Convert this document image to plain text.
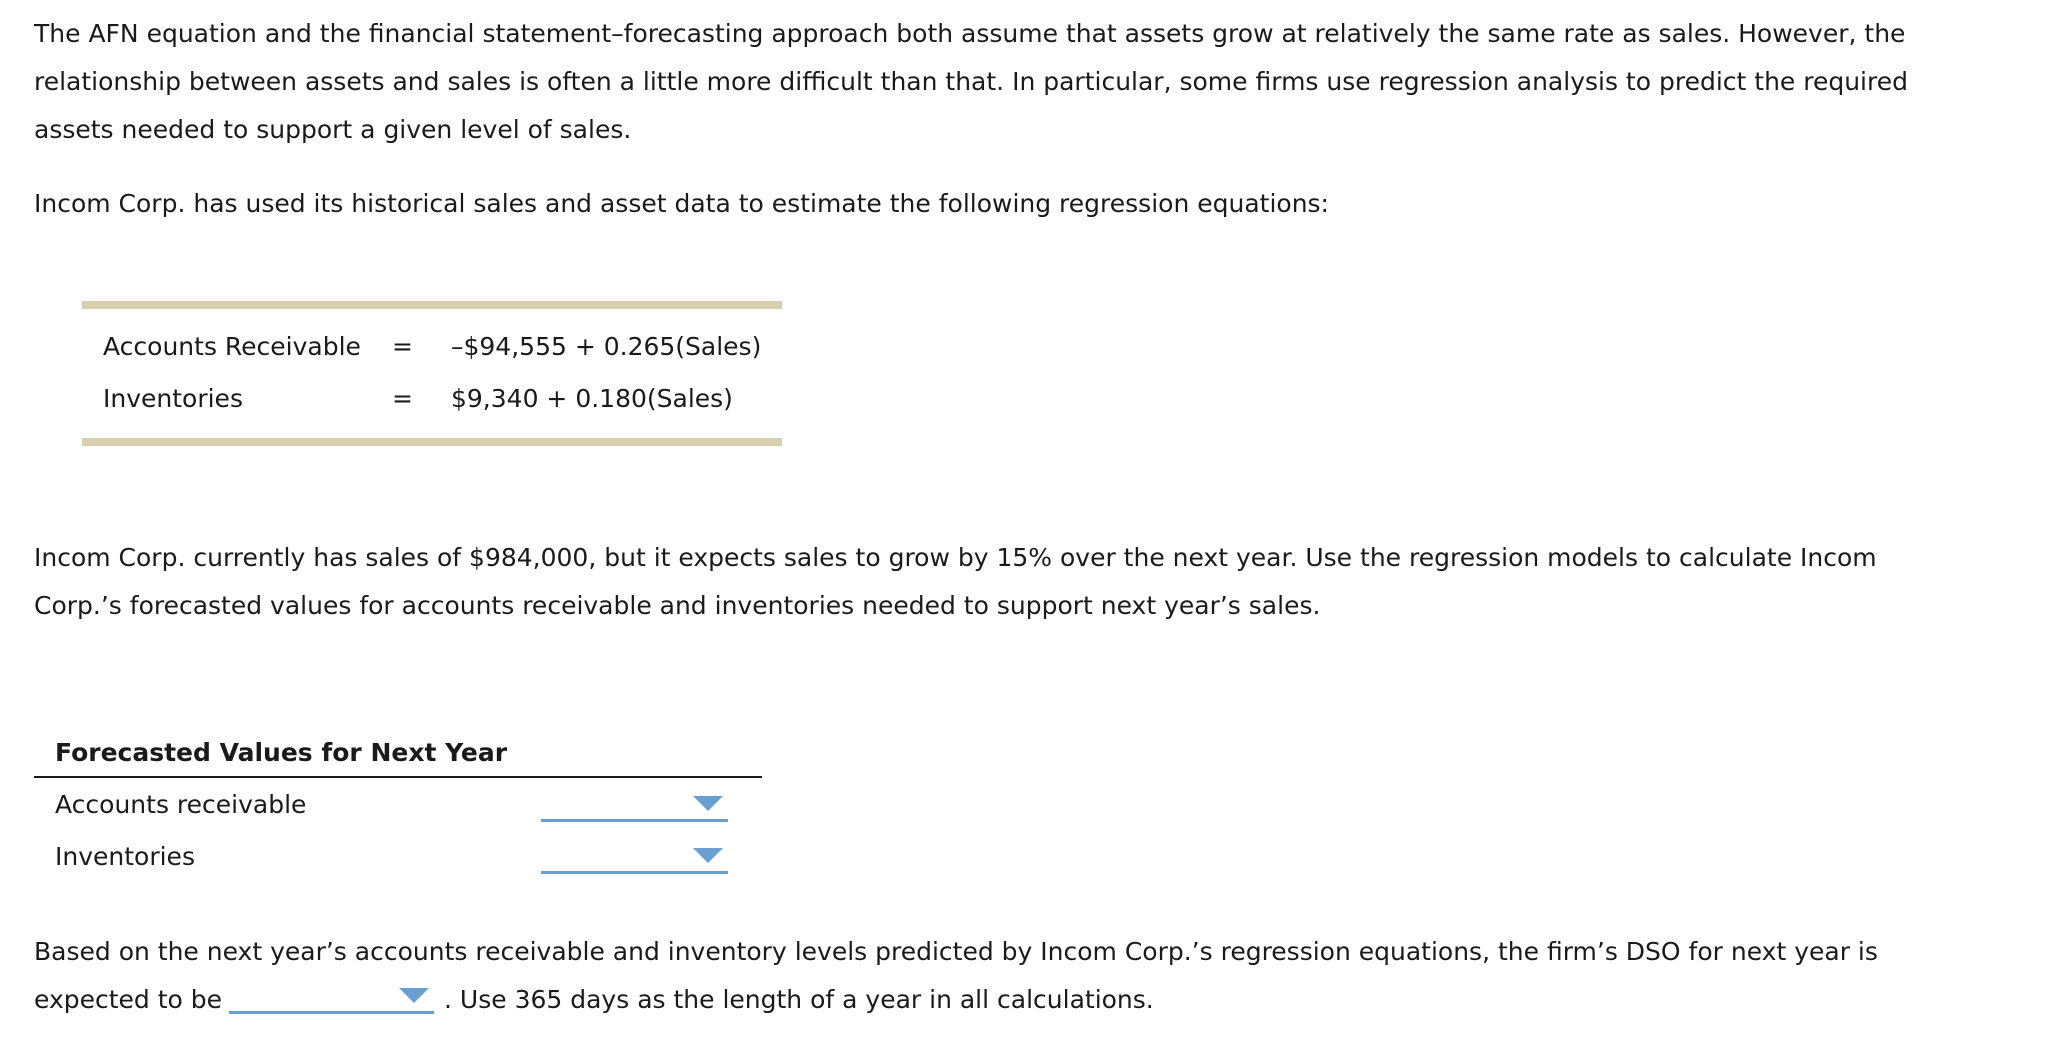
The AFN equation and the financial statement–forecasting approach both assume that assets grow at relatively the same rate as sales. However, the relationship between assets and sales is often a little more difficult than that. In particular, some firms use regression analysis to predict the required assets needed to support a given level of sales.

Incom Corp. has used its historical sales and asset data to estimate the following regression equations:

Accounts Receivable = –$94,555 + 0.265(Sales)
Inventories	= $9,340 + 0.180(Sales)

Incom Corp. currently has sales of $984,000, but it expects sales to grow by 15% over the next year. Use the regression models to calculate Incom Corp.’s forecasted values for accounts receivable and inventories needed to support next year’s sales.

Forecasted Values for Next Year
Accounts receivable
Inventories

Based on the next year’s accounts receivable and inventory levels predicted by Incom Corp.’s regression equations, the firm’s DSO for next year is expected to be	. Use 365 days as the length of a year in all calculations.
